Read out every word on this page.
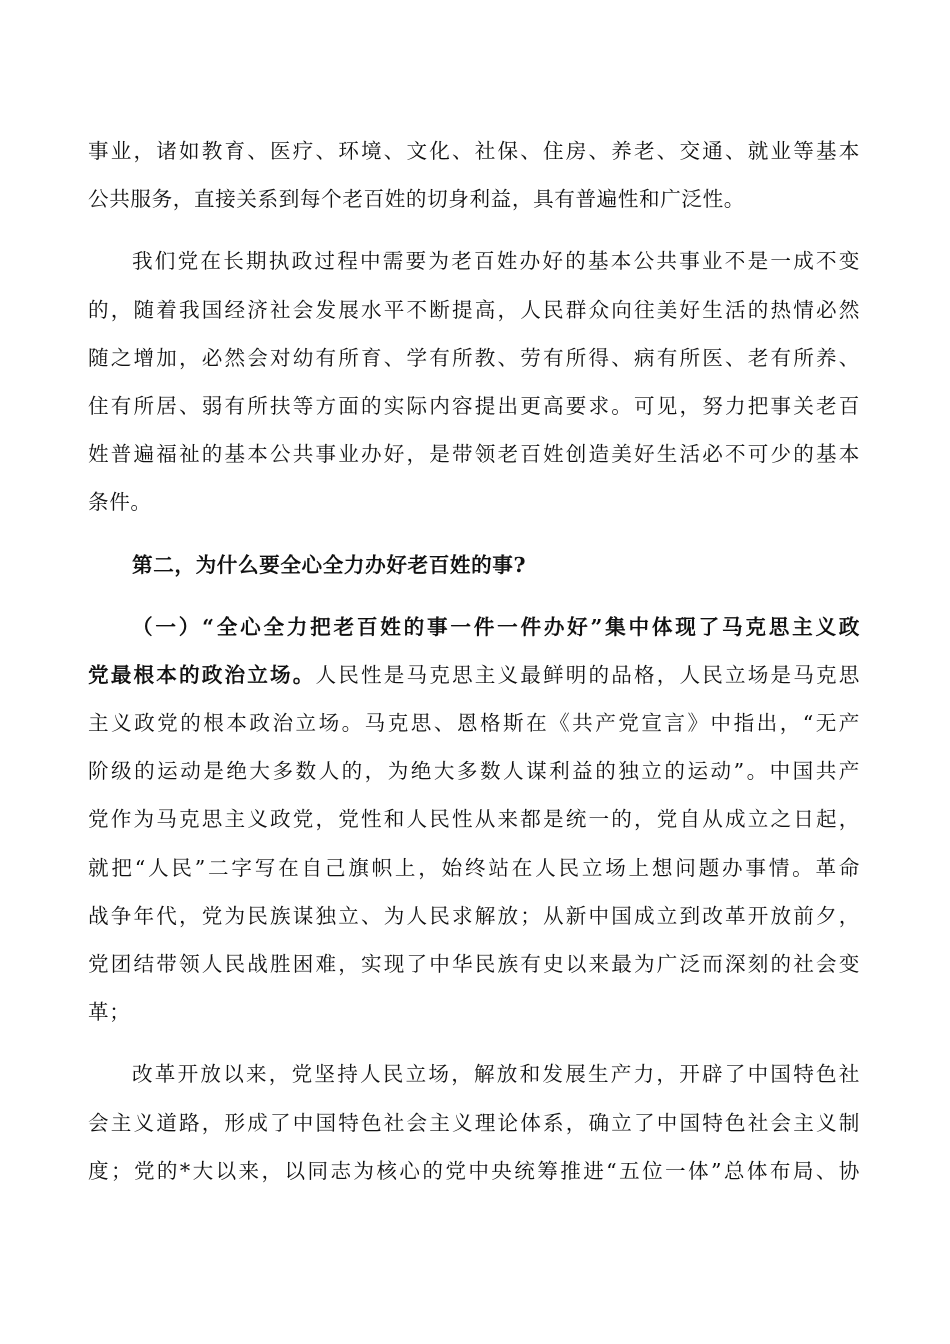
事业，诸如教育、医疗、环境、文化、社保、住房、养老、交通、就业等基本
公共服务，直接关系到每个老百姓的切身利益，具有普遍性和广泛性。
我们党在长期执政过程中需要为老百姓办好的基本公共事业不是一成不变
的，随着我国经济社会发展水平不断提高，人民群众向往美好生活的热情必然
随之增加，必然会对幼有所育、学有所教、劳有所得、病有所医、老有所养、
住有所居、弱有所扶等方面的实际内容提出更高要求。可见，努力把事关老百
姓普遍福祉的基本公共事业办好，是带领老百姓创造美好生活必不可少的基本
条件。
第二，为什么要全心全力办好老百姓的事?
（一）“全心全力把老百姓的事一件一件办好”集中体现了马克思主义政
党最根本的政治立场。人民性是马克思主义最鲜明的品格，人民立场是马克思
主义政党的根本政治立场。马克思、恩格斯在《共产党宣言》中指出，“无产
阶级的运动是绝大多数人的，为绝大多数人谋利益的独立的运动”。中国共产
党作为马克思主义政党，党性和人民性从来都是统一的，党自从成立之日起，
就把“人民”二字写在自己旗帜上，始终站在人民立场上想问题办事情。革命
战争年代，党为民族谋独立、为人民求解放；从新中国成立到改革开放前夕，
党团结带领人民战胜困难，实现了中华民族有史以来最为广泛而深刻的社会变
革；
改革开放以来，党坚持人民立场，解放和发展生产力，开辟了中国特色社
会主义道路，形成了中国特色社会主义理论体系，确立了中国特色社会主义制
度；党的*大以来，以同志为核心的党中央统筹推进“五位一体”总体布局、协
